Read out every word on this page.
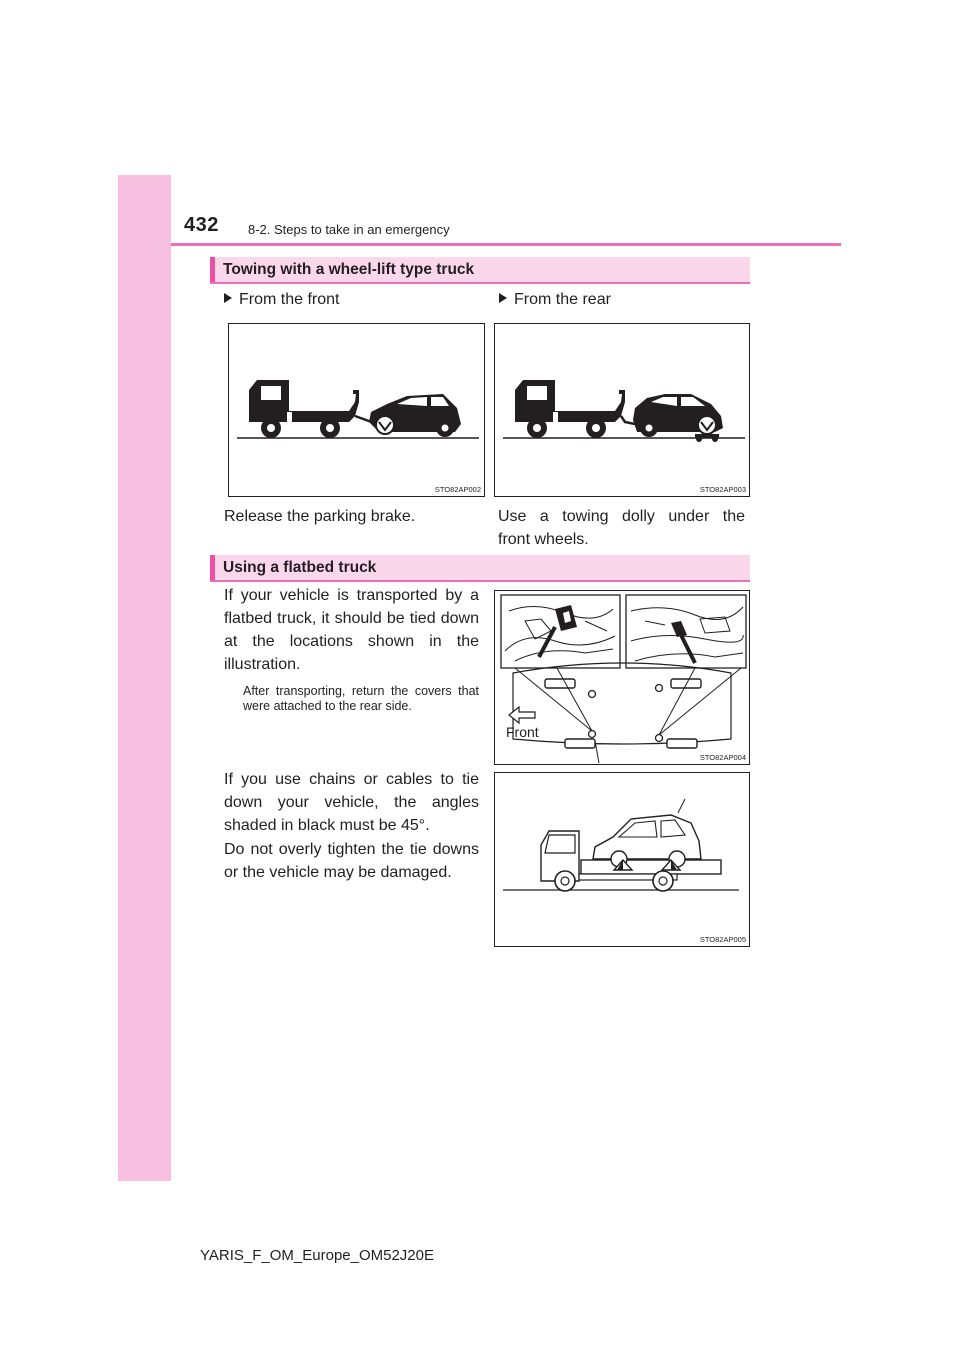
432 8-2. Steps to take in an emergency
Towing with a wheel-lift type truck
From the front	From the rear
STO82AP002	STO82AP003
Release the parking brake.	Use a towing dolly under the
front wheels.
Using a flatbed truck
If your vehicle is transported by a flatbed truck, it should be tied down at the locations shown in the illustration.
After transporting, return the covers that were attached to the rear side.
If you use chains or cables to tie down your vehicle, the angles shaded in black must be 45°.
Do not overly tighten the tie downs or the vehicle may be damaged.
Front
STO82AP004
STO82AP005
YARIS_F_OM_Europe_OM52J20E
